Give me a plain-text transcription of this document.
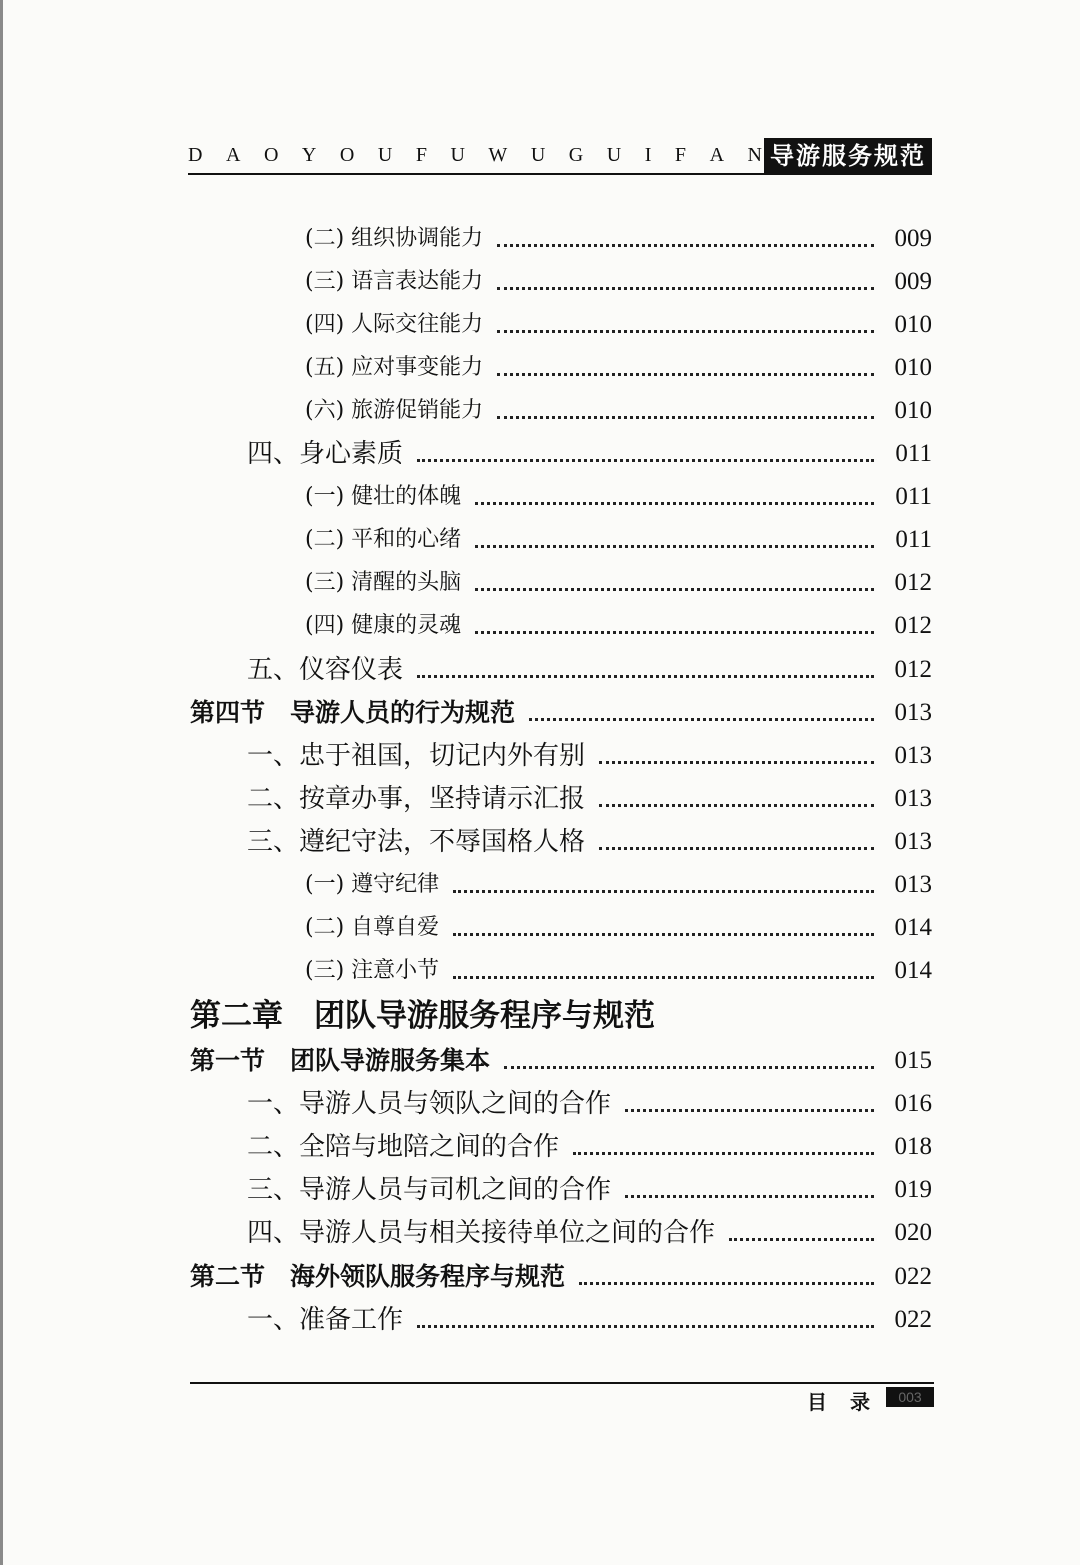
D A O Y O U F U W U G U I F A N 导游服务规范
(二) 组织协调能力	009
(三) 语言表达能力	009
(四) 人际交往能力	010
(五) 应对事变能力	010
(六) 旅游促销能力	010
四、身心素质	011
(一) 健壮的体魄	011
(二) 平和的心绪	011
(三) 清醒的头脑	012
(四) 健康的灵魂	012
五、仪容仪表	012
第四节　导游人员的行为规范	013
一、忠于祖国，切记内外有别	013
二、按章办事，坚持请示汇报	013
三、遵纪守法，不辱国格人格	013
(一) 遵守纪律	013
(二) 自尊自爱	014
(三) 注意小节	014
第二章　团队导游服务程序与规范
第一节　团队导游服务集本	015
一、导游人员与领队之间的合作	016
二、全陪与地陪之间的合作	018
三、导游人员与司机之间的合作	019
四、导游人员与相关接待单位之间的合作	020
第二节　海外领队服务程序与规范	022
一、准备工作	022
目 录	003
